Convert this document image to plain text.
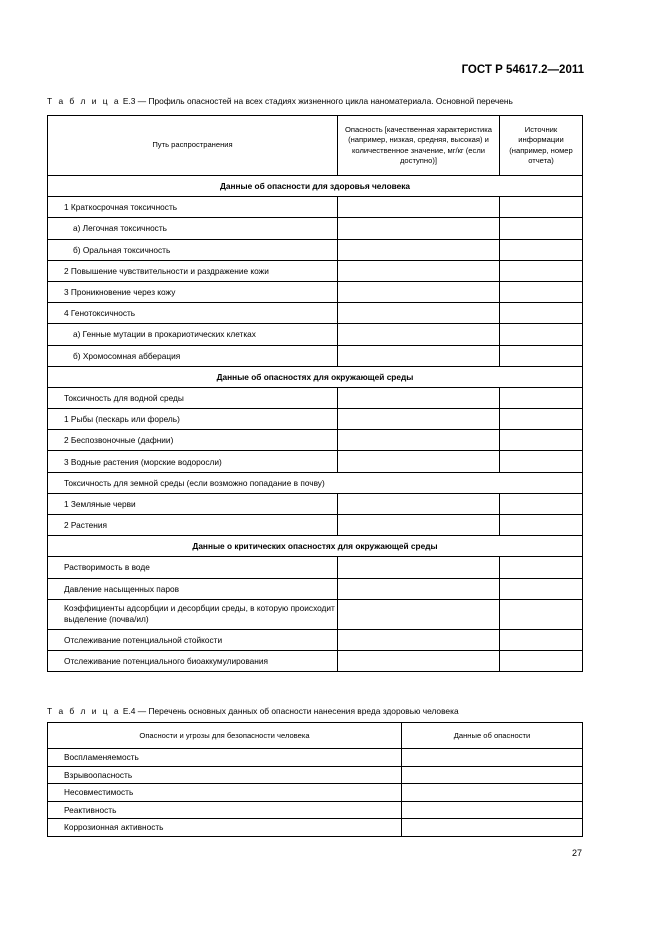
ГОСТ Р 54617.2—2011
Т а б л и ц а Е.3 — Профиль опасностей на всех стадиях жизненного цикла наноматериала. Основной перечень
Путь распространения	Опасность [качественная характеристика (например, низкая, средняя, высокая) и количественное значение, мг/кг (если доступно)]	Источник информации (например, номер отчета)
Данные об опасности для здоровья человека		
1 Краткосрочная токсичность		
а) Легочная токсичность		
б) Оральная токсичность		
2 Повышение чувствительности и раздражение кожи		
3 Проникновение через кожу		
4 Генотоксичность		
а) Генные мутации в прокариотических клетках		
б) Хромосомная абберация		
Данные об опасностях для окружающей среды		
Токсичность для водной среды		
1 Рыбы (пескарь или форель)		
2 Беспозвоночные (дафнии)		
3 Водные растения (морские водоросли)		
Токсичность для земной среды (если возможно попадание в почву)		
1 Земляные черви		
2 Растения		
Данные о критических опасностях для окружающей среды		
Растворимость в воде		
Давление насыщенных паров		
Коэффициенты адсорбции и десорбции среды, в которую происходит выделение (почва/ил)		
Отслеживание потенциальной стойкости		
Отслеживание потенциального биоаккумулирования		
Т а б л и ц а Е.4 — Перечень основных данных об опасности нанесения вреда здоровью человека
Опасности и угрозы для безопасности человека	Данные об опасности
Воспламеняемость	
Взрывоопасность	
Несовместимость	
Реактивность	
Коррозионная активность	
27
